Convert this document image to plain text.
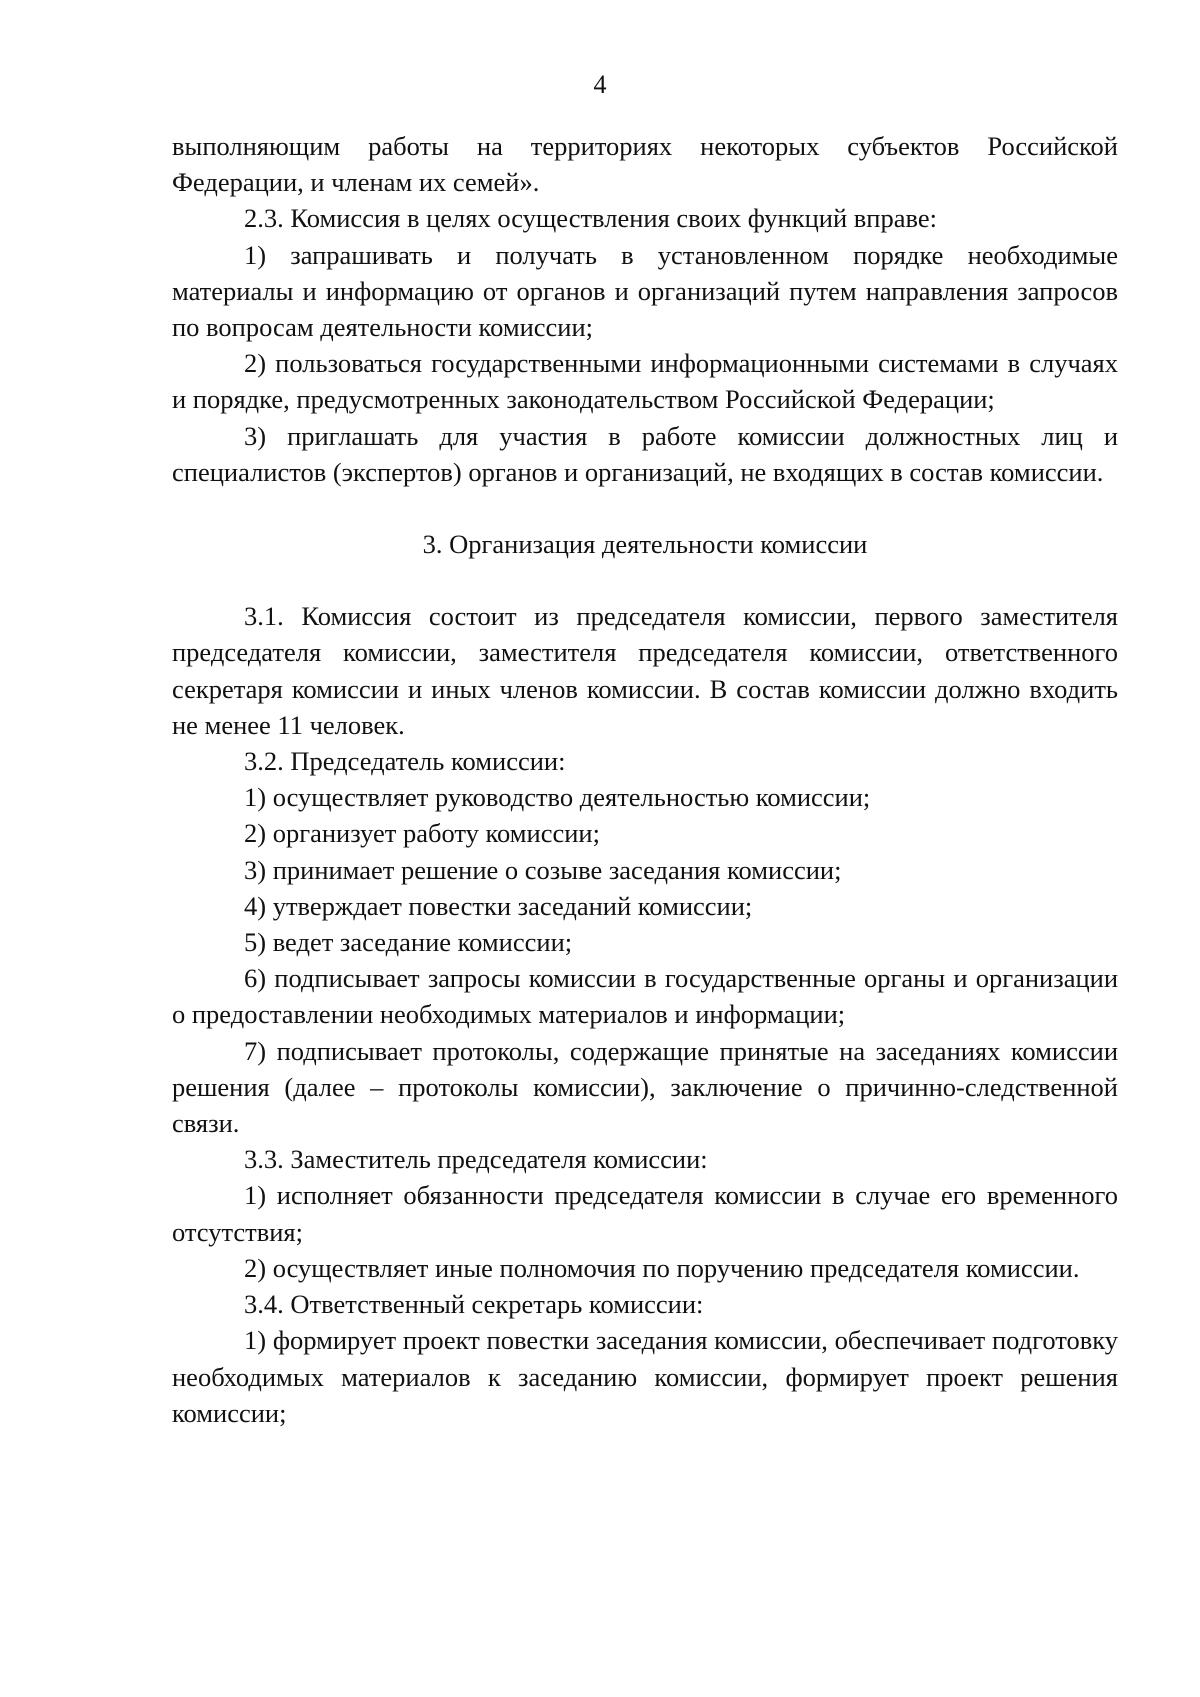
4

выполняющим работы на территориях некоторых субъектов Российской Федерации, и членам их семей».

2.3. Комиссия в целях осуществления своих функций вправе:

1) запрашивать и получать в установленном порядке необходимые материалы и информацию от органов и организаций путем направления запросов по вопросам деятельности комиссии;

2) пользоваться государственными информационными системами в случаях и порядке, предусмотренных законодательством Российской Федерации;

3) приглашать для участия в работе комиссии должностных лиц и специалистов (экспертов) органов и организаций, не входящих в состав комиссии.

3. Организация деятельности комиссии

3.1. Комиссия состоит из председателя комиссии, первого заместителя председателя комиссии, заместителя председателя комиссии, ответственного секретаря комиссии и иных членов комиссии. В состав комиссии должно входить не менее 11 человек.

3.2. Председатель комиссии:

1) осуществляет руководство деятельностью комиссии;

2) организует работу комиссии;

3) принимает решение о созыве заседания комиссии;

4) утверждает повестки заседаний комиссии;

5) ведет заседание комиссии;

6) подписывает запросы комиссии в государственные органы и организации о предоставлении необходимых материалов и информации;

7) подписывает протоколы, содержащие принятые на заседаниях комиссии решения (далее – протоколы комиссии), заключение о причинно-следственной связи.

3.3. Заместитель председателя комиссии:

1) исполняет обязанности председателя комиссии в случае его временного отсутствия;

2) осуществляет иные полномочия по поручению председателя комиссии.

3.4. Ответственный секретарь комиссии:

1) формирует проект повестки заседания комиссии, обеспечивает подготовку необходимых материалов к заседанию комиссии, формирует проект решения комиссии;
